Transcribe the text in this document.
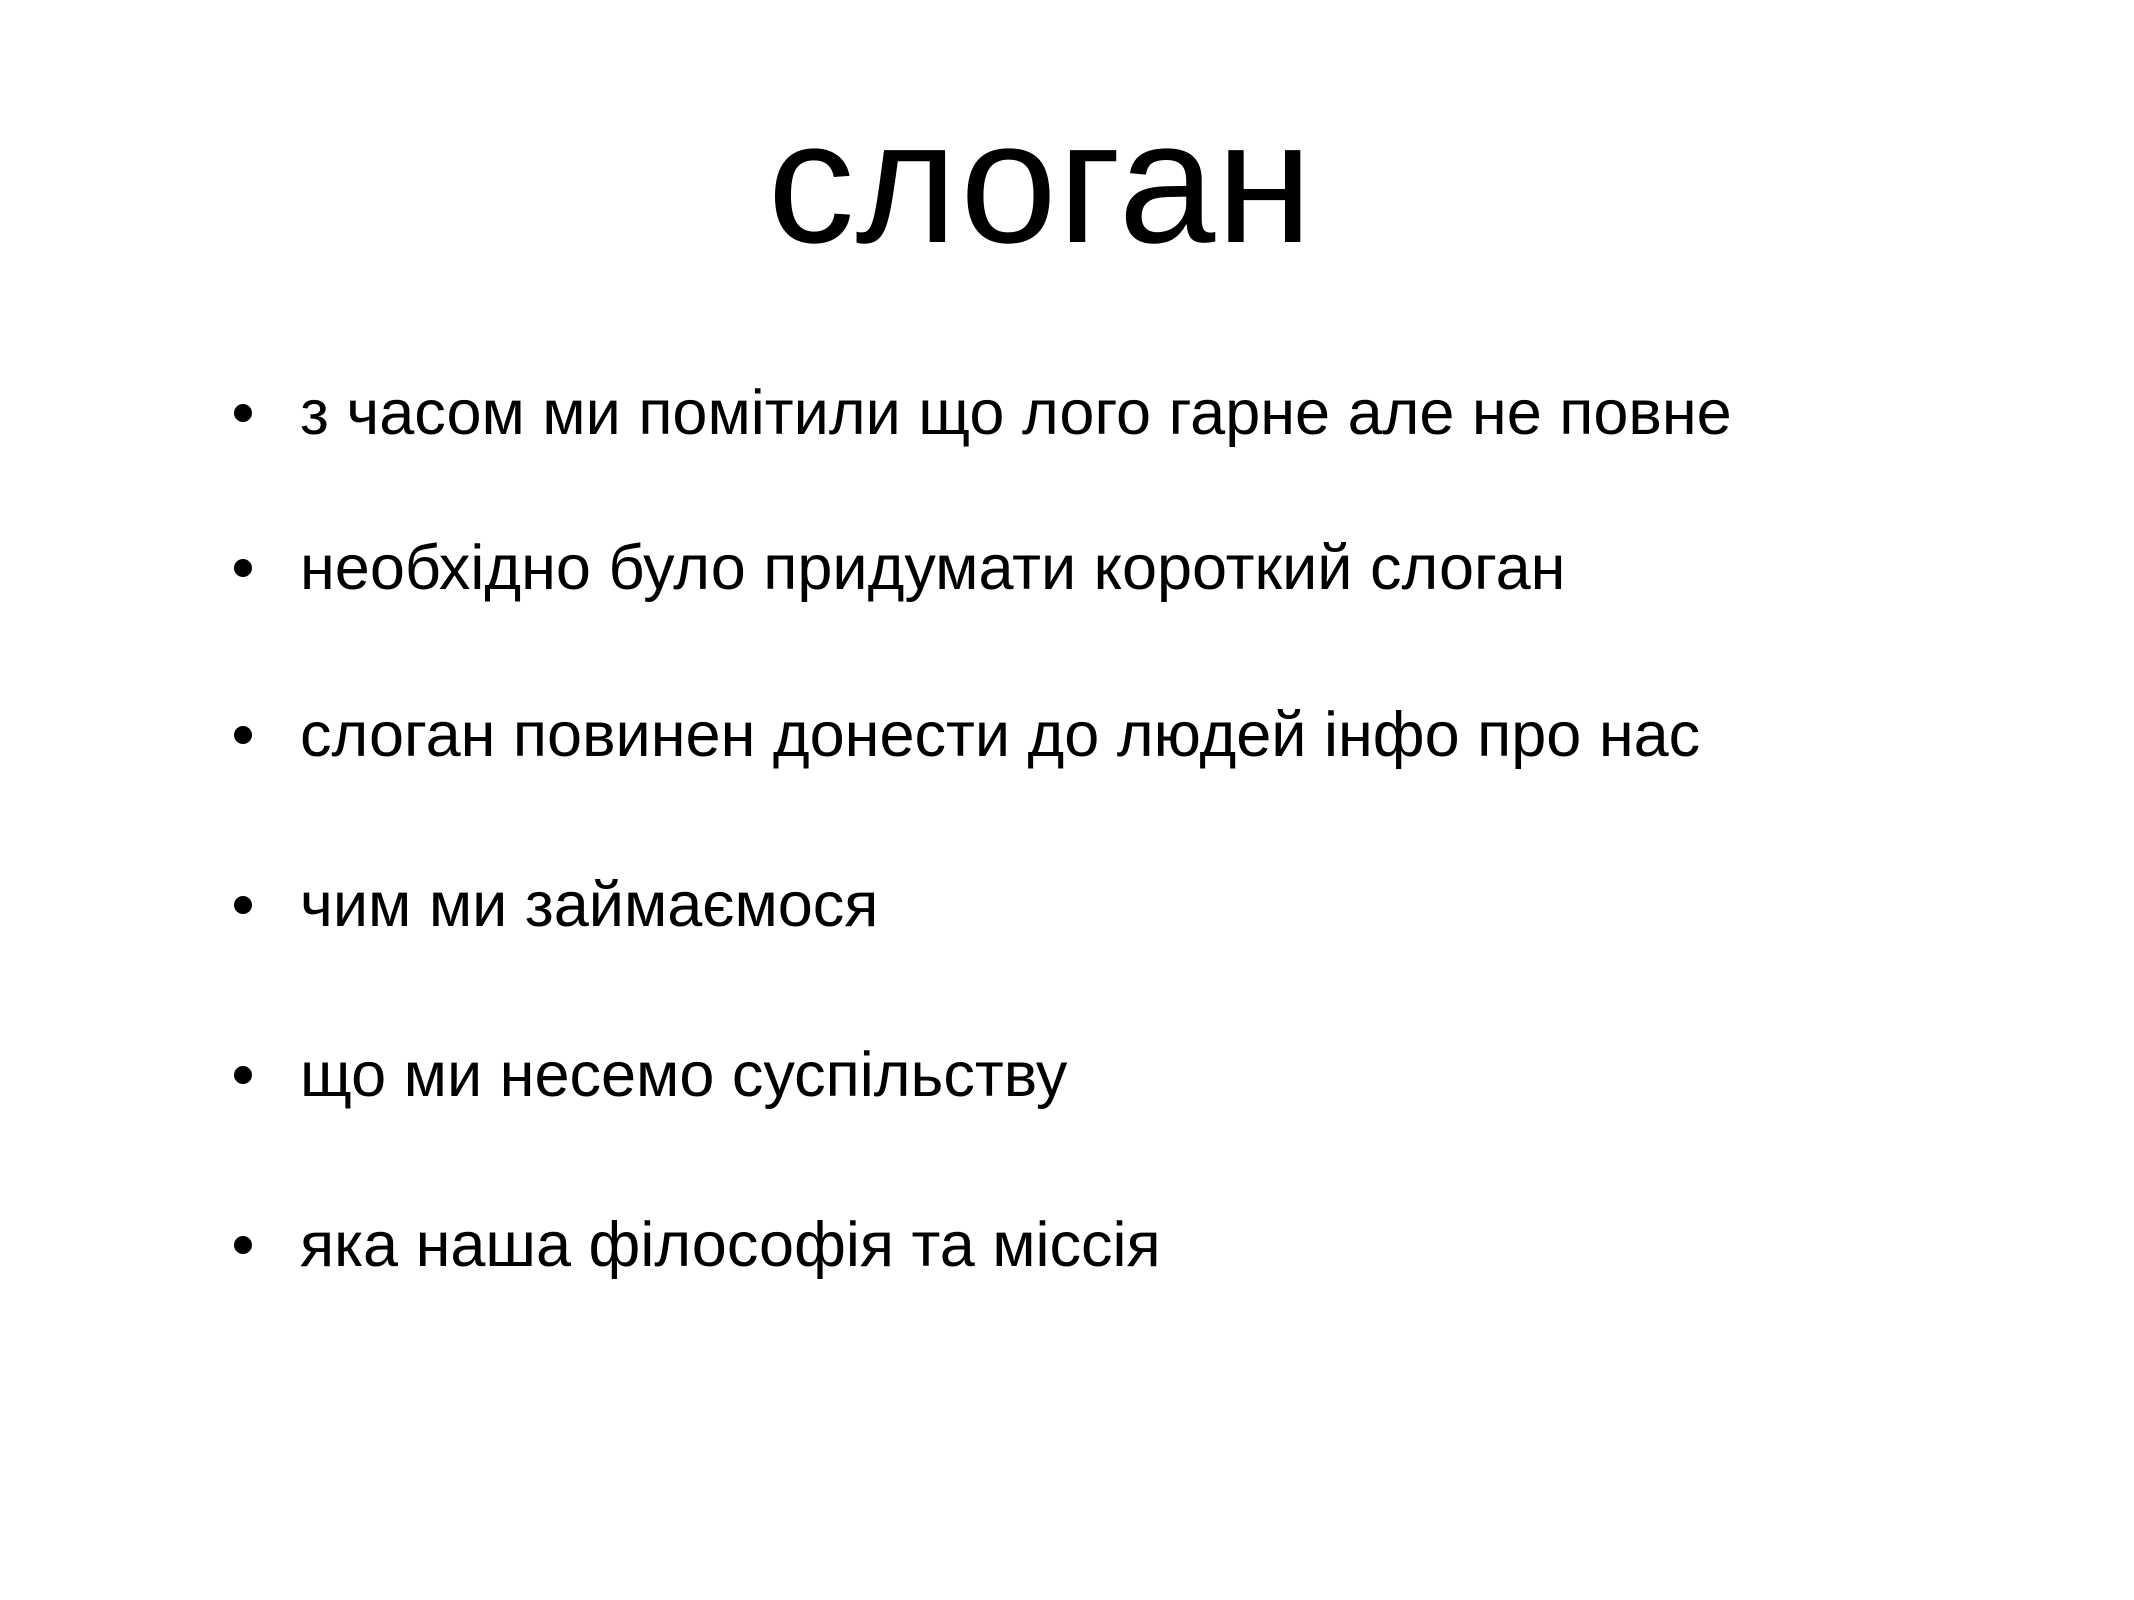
слоган
з часом ми помітили що лого гарне але не повне
необхідно було придумати короткий слоган
слоган повинен донести до людей інфо про нас
чим ми займаємося
що ми несемо суспільству
яка наша філософія та міссія
